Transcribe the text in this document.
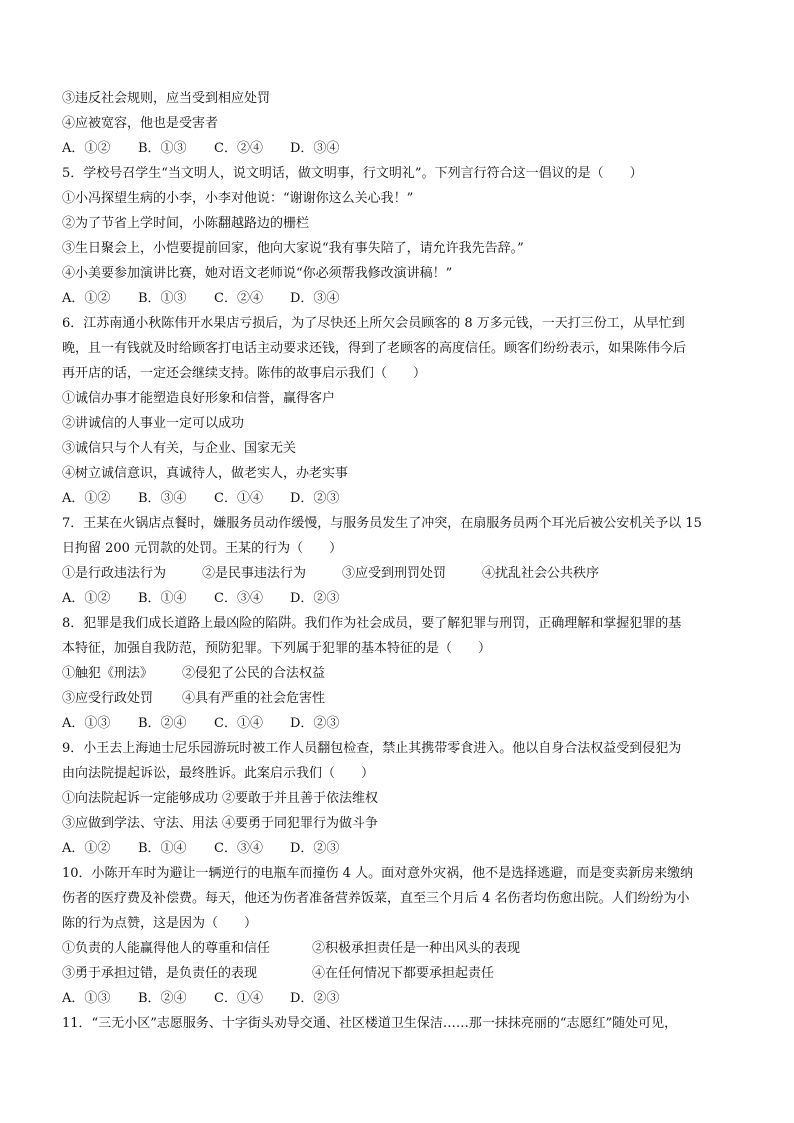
③违反社会规则，应当受到相应处罚
④应被宽容，他也是受害者
A．①② B．①③ C．②④ D．③④
5．学校号召学生“当文明人，说文明话，做文明事，行文明礼”。下列言行符合这一倡议的是（　　）
①小冯探望生病的小李，小李对他说：“谢谢你这么关心我！”
②为了节省上学时间，小陈翻越路边的栅栏
③生日聚会上，小恺要提前回家，他向大家说“我有事失陪了，请允许我先告辞。”
④小美要参加演讲比赛，她对语文老师说“你必须帮我修改演讲稿！”
A．①② B．①③ C．②④ D．③④
6．江苏南通小秋陈伟开水果店亏损后，为了尽快还上所欠会员顾客的 8 万多元钱，一天打三份工，从早忙到
晚，且一有钱就及时给顾客打电话主动要求还钱，得到了老顾客的高度信任。顾客们纷纷表示，如果陈伟今后
再开店的话，一定还会继续支持。陈伟的故事启示我们（　　）
①诚信办事才能塑造良好形象和信誉，赢得客户
②讲诚信的人事业一定可以成功
③诚信只与个人有关，与企业、国家无关
④树立诚信意识，真诚待人，做老实人，办老实事
A．①② B．③④ C．①④ D．②③
7．王某在火锅店点餐时，嫌服务员动作缓慢，与服务员发生了冲突，在扇服务员两个耳光后被公安机关予以 15
日拘留 200 元罚款的处罚。王某的行为（　　）
①是行政违法行为	②是民事违法行为	③应受到刑罚处罚	④扰乱社会公共秩序
A．①② B．①④ C．③④ D．②③
8．犯罪是我们成长道路上最凶险的陷阱。我们作为社会成员，要了解犯罪与刑罚，正确理解和掌握犯罪的基
本特征，加强自我防范，预防犯罪。下列属于犯罪的基本特征的是（　　）
①触犯《刑法》 ②侵犯了公民的合法权益
③应受行政处罚 ④具有严重的社会危害性
A．①③ B．②④ C．①④ D．②③
9．小王去上海迪士尼乐园游玩时被工作人员翻包检查，禁止其携带零食进入。他以自身合法权益受到侵犯为
由向法院提起诉讼，最终胜诉。此案启示我们（　　）
①向法院起诉一定能够成功 ②要敢于并且善于依法维权
③应做到学法、守法、用法 ④要勇于同犯罪行为做斗争
A．①② B．①④ C．③④ D．②③
10．小陈开车时为避让一辆逆行的电瓶车而撞伤 4 人。面对意外灾祸，他不是选择逃避，而是变卖新房来缴纳
伤者的医疗费及补偿费。每天，他还为伤者准备营养饭菜，直至三个月后 4 名伤者均伤愈出院。人们纷纷为小
陈的行为点赞，这是因为（　　）
①负责的人能赢得他人的尊重和信任	②积极承担责任是一种出风头的表现
③勇于承担过错，是负责任的表现	④在任何情况下都要承担起责任
A．①③ B．②④ C．①④ D．②③
11．“三无小区”志愿服务、十字街头劝导交通、社区楼道卫生保洁……那一抹抹亮丽的“志愿红”随处可见，
